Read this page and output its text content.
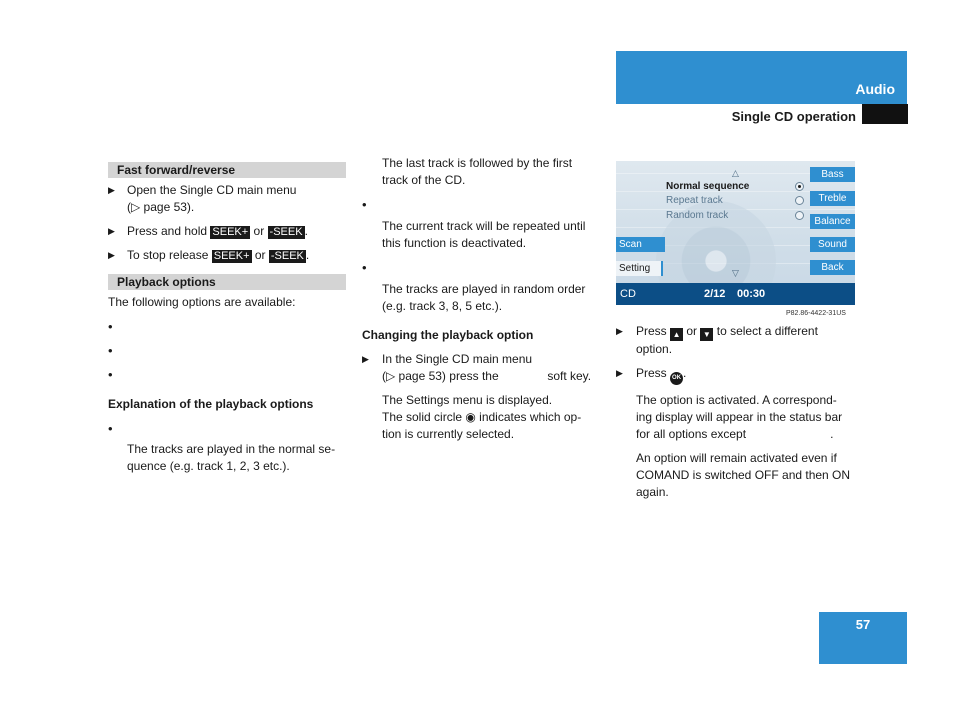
Audio
Single CD operation
Fast forward/reverse
▶	Open the Single CD main menu
(▷ page 53).
▶	Press and hold SEEK+ or -SEEK .
▶	To stop release SEEK+ or -SEEK .
Playback options
The following options are available:
•
•
•
Explanation of the playback options
•
The tracks are played in the normal se-
quence (e.g. track 1, 2, 3 etc.).
The last track is followed by the first
track of the CD.
•
The current track will be repeated until
this function is deactivated.
•
The tracks are played in random order
(e.g. track 3, 8, 5 etc.).
Changing the playback option
▶	In the Single CD main menu
(▷ page 53) press the	soft key.
The Settings menu is displayed.
The solid circle ◉ indicates which op-
tion is currently selected.
△
▽
Normal sequence
Repeat track
Random track
Bass
Treble
Balance
Sound
Back
Scan
Setting
CD	2/12 00:30
P82.86-4422-31US
▶	Press ▲ or ▼ to select a different
option.
▶	Press OK .
The option is activated. A correspond-
ing display will appear in the status bar
for all options except	.
An option will remain activated even if
COMAND is switched OFF and then ON
again.
57
